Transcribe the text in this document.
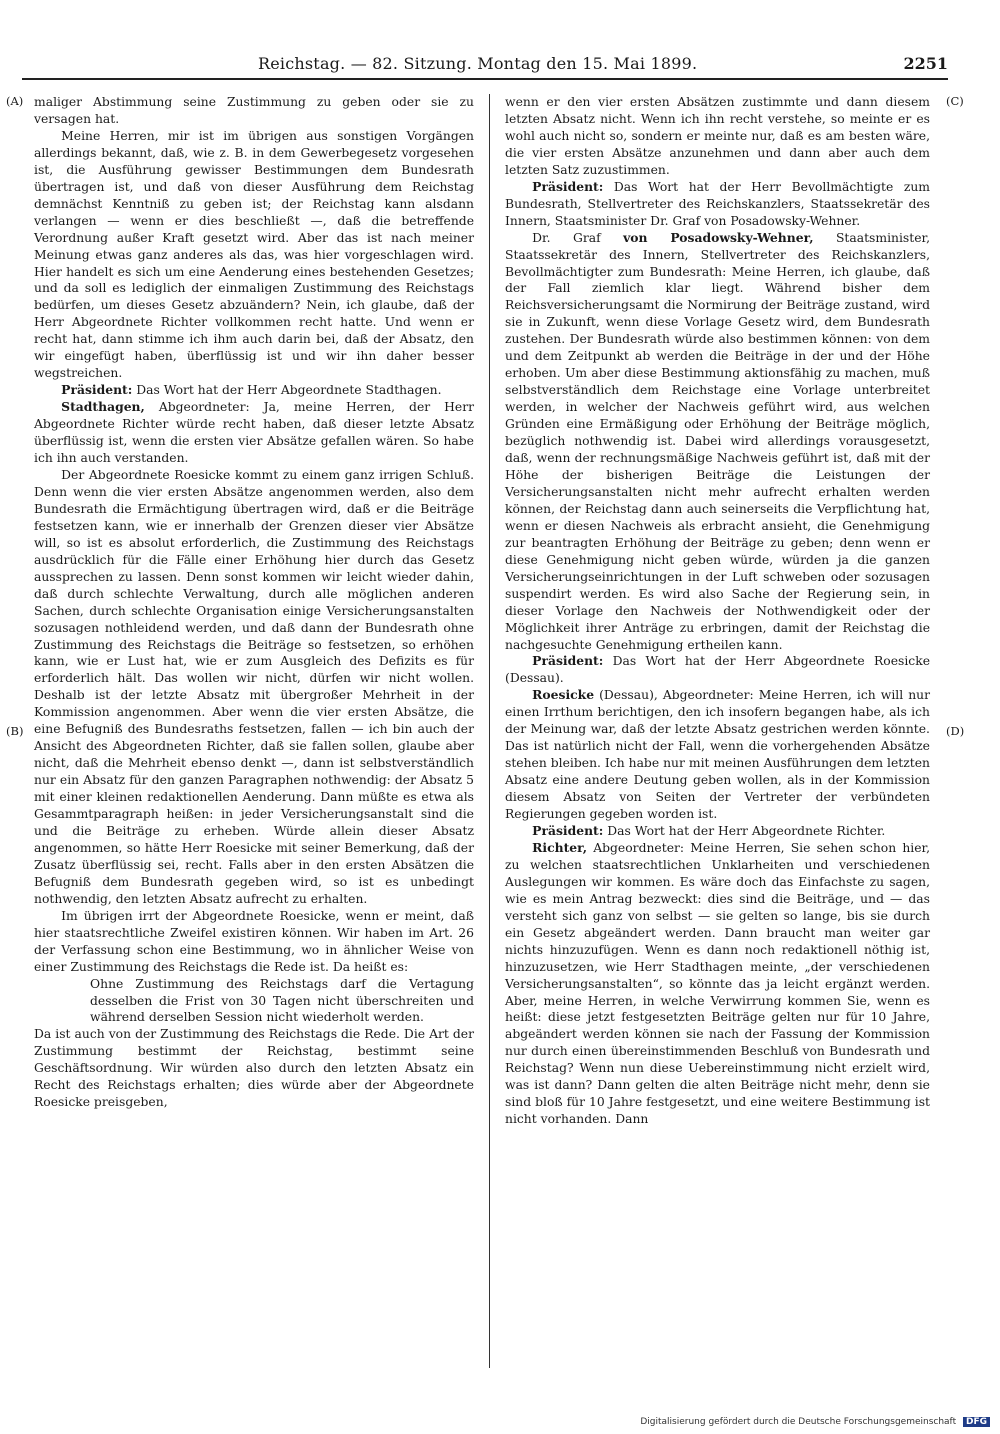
Reichstag. — 82. Sitzung. Montag den 15. Mai 1899.	2251
(A)
(B)
(C)
(D)

maliger Abstimmung seine Zustimmung zu geben oder sie zu versagen hat.

Meine Herren, mir ist im übrigen aus sonstigen Vorgängen allerdings bekannt, daß, wie z. B. in dem Gewerbegesetz vorgesehen ist, die Ausführung gewisser Bestimmungen dem Bundesrath übertragen ist, und daß von dieser Ausführung dem Reichstag demnächst Kenntniß zu geben ist; der Reichstag kann alsdann verlangen — wenn er dies beschließt —, daß die betreffende Verordnung außer Kraft gesetzt wird. Aber das ist nach meiner Meinung etwas ganz anderes als das, was hier vorgeschlagen wird. Hier handelt es sich um eine Aenderung eines bestehenden Gesetzes; und da soll es lediglich der einmaligen Zustimmung des Reichstags bedürfen, um dieses Gesetz abzuändern? Nein, ich glaube, daß der Herr Abgeordnete Richter vollkommen recht hatte. Und wenn er recht hat, dann stimme ich ihm auch darin bei, daß der Absatz, den wir eingefügt haben, überflüssig ist und wir ihn daher besser wegstreichen.

Präsident: Das Wort hat der Herr Abgeordnete Stadthagen.

Stadthagen, Abgeordneter: Ja, meine Herren, der Herr Abgeordnete Richter würde recht haben, daß dieser letzte Absatz überflüssig ist, wenn die ersten vier Absätze gefallen wären. So habe ich ihn auch verstanden.

Der Abgeordnete Roesicke kommt zu einem ganz irrigen Schluß. Denn wenn die vier ersten Absätze angenommen werden, also dem Bundesrath die Ermächtigung übertragen wird, daß er die Beiträge festsetzen kann, wie er innerhalb der Grenzen dieser vier Absätze will, so ist es absolut erforderlich, die Zustimmung des Reichstags ausdrücklich für die Fälle einer Erhöhung hier durch das Gesetz aussprechen zu lassen. Denn sonst kommen wir leicht wieder dahin, daß durch schlechte Verwaltung, durch alle möglichen anderen Sachen, durch schlechte Organisation einige Versicherungsanstalten sozusagen nothleidend werden, und daß dann der Bundesrath ohne Zustimmung des Reichstags die Beiträge so festsetzen, so erhöhen kann, wie er Lust hat, wie er zum Ausgleich des Defizits es für erforderlich hält. Das wollen wir nicht, dürfen wir nicht wollen. Deshalb ist der letzte Absatz mit übergroßer Mehrheit in der Kommission angenommen. Aber wenn die vier ersten Absätze, die eine Befugniß des Bundesraths festsetzen, fallen — ich bin auch der Ansicht des Abgeordneten Richter, daß sie fallen sollen, glaube aber nicht, daß die Mehrheit ebenso denkt —, dann ist selbstverständlich nur ein Absatz für den ganzen Paragraphen nothwendig: der Absatz 5 mit einer kleinen redaktionellen Aenderung. Dann müßte es etwa als Gesammtparagraph heißen: in jeder Versicherungsanstalt sind die und die Beiträge zu erheben. Würde allein dieser Absatz angenommen, so hätte Herr Roesicke mit seiner Bemerkung, daß der Zusatz überflüssig sei, recht. Falls aber in den ersten Absätzen die Befugniß dem Bundesrath gegeben wird, so ist es unbedingt nothwendig, den letzten Absatz aufrecht zu erhalten.

Im übrigen irrt der Abgeordnete Roesicke, wenn er meint, daß hier staatsrechtliche Zweifel existiren können. Wir haben im Art. 26 der Verfassung schon eine Bestimmung, wo in ähnlicher Weise von einer Zustimmung des Reichstags die Rede ist. Da heißt es:

Ohne Zustimmung des Reichstags darf die Vertagung desselben die Frist von 30 Tagen nicht überschreiten und während derselben Session nicht wiederholt werden.

Da ist auch von der Zustimmung des Reichstags die Rede. Die Art der Zustimmung bestimmt der Reichstag, bestimmt seine Geschäftsordnung. Wir würden also durch den letzten Absatz ein Recht des Reichstags erhalten; dies würde aber der Abgeordnete Roesicke preisgeben,

wenn er den vier ersten Absätzen zustimmte und dann diesem letzten Absatz nicht. Wenn ich ihn recht verstehe, so meinte er es wohl auch nicht so, sondern er meinte nur, daß es am besten wäre, die vier ersten Absätze anzunehmen und dann aber auch dem letzten Satz zuzustimmen.

Präsident: Das Wort hat der Herr Bevollmächtigte zum Bundesrath, Stellvertreter des Reichskanzlers, Staatssekretär des Innern, Staatsminister Dr. Graf von Posadowsky-Wehner.

Dr. Graf von Posadowsky-Wehner, Staatsminister, Staatssekretär des Innern, Stellvertreter des Reichskanzlers, Bevollmächtigter zum Bundesrath: Meine Herren, ich glaube, daß der Fall ziemlich klar liegt. Während bisher dem Reichsversicherungsamt die Normirung der Beiträge zustand, wird sie in Zukunft, wenn diese Vorlage Gesetz wird, dem Bundesrath zustehen. Der Bundesrath würde also bestimmen können: von dem und dem Zeitpunkt ab werden die Beiträge in der und der Höhe erhoben. Um aber diese Bestimmung aktionsfähig zu machen, muß selbstverständlich dem Reichstage eine Vorlage unterbreitet werden, in welcher der Nachweis geführt wird, aus welchen Gründen eine Ermäßigung oder Erhöhung der Beiträge möglich, bezüglich nothwendig ist. Dabei wird allerdings vorausgesetzt, daß, wenn der rechnungsmäßige Nachweis geführt ist, daß mit der Höhe der bisherigen Beiträge die Leistungen der Versicherungsanstalten nicht mehr aufrecht erhalten werden können, der Reichstag dann auch seinerseits die Verpflichtung hat, wenn er diesen Nachweis als erbracht ansieht, die Genehmigung zur beantragten Erhöhung der Beiträge zu geben; denn wenn er diese Genehmigung nicht geben würde, würden ja die ganzen Versicherungseinrichtungen in der Luft schweben oder sozusagen suspendirt werden. Es wird also Sache der Regierung sein, in dieser Vorlage den Nachweis der Nothwendigkeit oder der Möglichkeit ihrer Anträge zu erbringen, damit der Reichstag die nachgesuchte Genehmigung ertheilen kann.

Präsident: Das Wort hat der Herr Abgeordnete Roesicke (Dessau).

Roesicke (Dessau), Abgeordneter: Meine Herren, ich will nur einen Irrthum berichtigen, den ich insofern begangen habe, als ich der Meinung war, daß der letzte Absatz gestrichen werden könnte. Das ist natürlich nicht der Fall, wenn die vorhergehenden Absätze stehen bleiben. Ich habe nur mit meinen Ausführungen dem letzten Absatz eine andere Deutung geben wollen, als in der Kommission diesem Absatz von Seiten der Vertreter der verbündeten Regierungen gegeben worden ist.

Präsident: Das Wort hat der Herr Abgeordnete Richter.

Richter, Abgeordneter: Meine Herren, Sie sehen schon hier, zu welchen staatsrechtlichen Unklarheiten und verschiedenen Auslegungen wir kommen. Es wäre doch das Einfachste zu sagen, wie es mein Antrag bezweckt: dies sind die Beiträge, und — das versteht sich ganz von selbst — sie gelten so lange, bis sie durch ein Gesetz abgeändert werden. Dann braucht man weiter gar nichts hinzuzufügen. Wenn es dann noch redaktionell nöthig ist, hinzuzusetzen, wie Herr Stadthagen meinte, „der verschiedenen Versicherungsanstalten“, so könnte das ja leicht ergänzt werden. Aber, meine Herren, in welche Verwirrung kommen Sie, wenn es heißt: diese jetzt festgesetzten Beiträge gelten nur für 10 Jahre, abgeändert werden können sie nach der Fassung der Kommission nur durch einen übereinstimmenden Beschluß von Bundesrath und Reichstag? Wenn nun diese Uebereinstimmung nicht erzielt wird, was ist dann? Dann gelten die alten Beiträge nicht mehr, denn sie sind bloß für 10 Jahre festgesetzt, und eine weitere Bestimmung ist nicht vorhanden. Dann

Digitalisierung gefördert durch die Deutsche Forschungsgemeinschaft DFG
